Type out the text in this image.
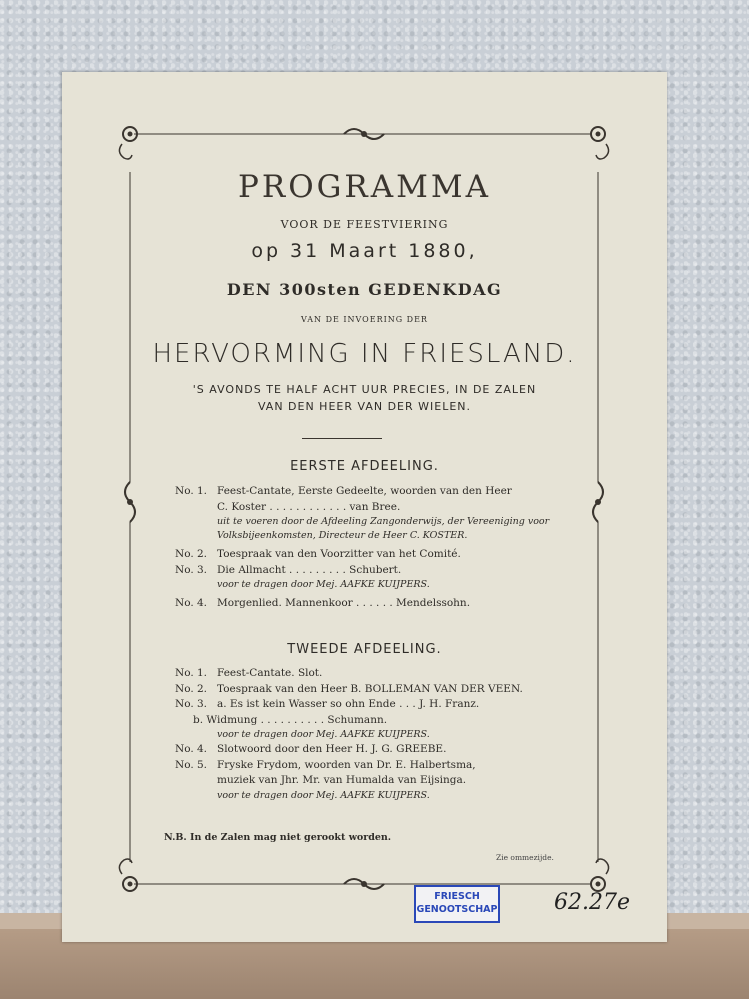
PROGRAMMA
VOOR DE FEESTVIERING
op 31 Maart 1880,
DEN 300sten GEDENKDAG
VAN DE INVOERING DER
HERVORMING IN FRIESLAND.
'S AVONDS TE HALF ACHT UUR PRECIES, IN DE ZALEN
VAN DEN HEER VAN DER WIELEN.
EERSTE AFDEELING.
No. 1. Feest-Cantate, Eerste Gedeelte, woorden van den Heer
C. Koster . . . . . . . . . . . . van Bree.
uit te voeren door de Afdeeling Zangonderwijs, der Vereeniging voor Volksbijeenkomsten, Directeur de Heer C. KOSTER.
No. 2. Toespraak van den Voorzitter van het Comité.
No. 3. Die Allmacht . . . . . . . . . Schubert.
voor te dragen door Mej. AAFKE KUIJPERS.
No. 4. Morgenlied. Mannenkoor . . . . . . Mendelssohn.
TWEEDE AFDEELING.
No. 1. Feest-Cantate. Slot.
No. 2. Toespraak van den Heer B. BOLLEMAN VAN DER VEEN.
No. 3. a. Es ist kein Wasser so ohn Ende . . . J. H. Franz.
b. Widmung . . . . . . . . . . Schumann.
voor te dragen door Mej. AAFKE KUIJPERS.
No. 4. Slotwoord door den Heer H. J. G. GREEBE.
No. 5. Fryske Frydom, woorden van Dr. E. Halbertsma,
muziek van Jhr. Mr. van Humalda van Eijsinga.
voor te dragen door Mej. AAFKE KUIJPERS.
N.B. In de Zalen mag niet gerookt worden.
Zie ommezijde.
FRIESCH
GENOOTSCHAP	62.27e
